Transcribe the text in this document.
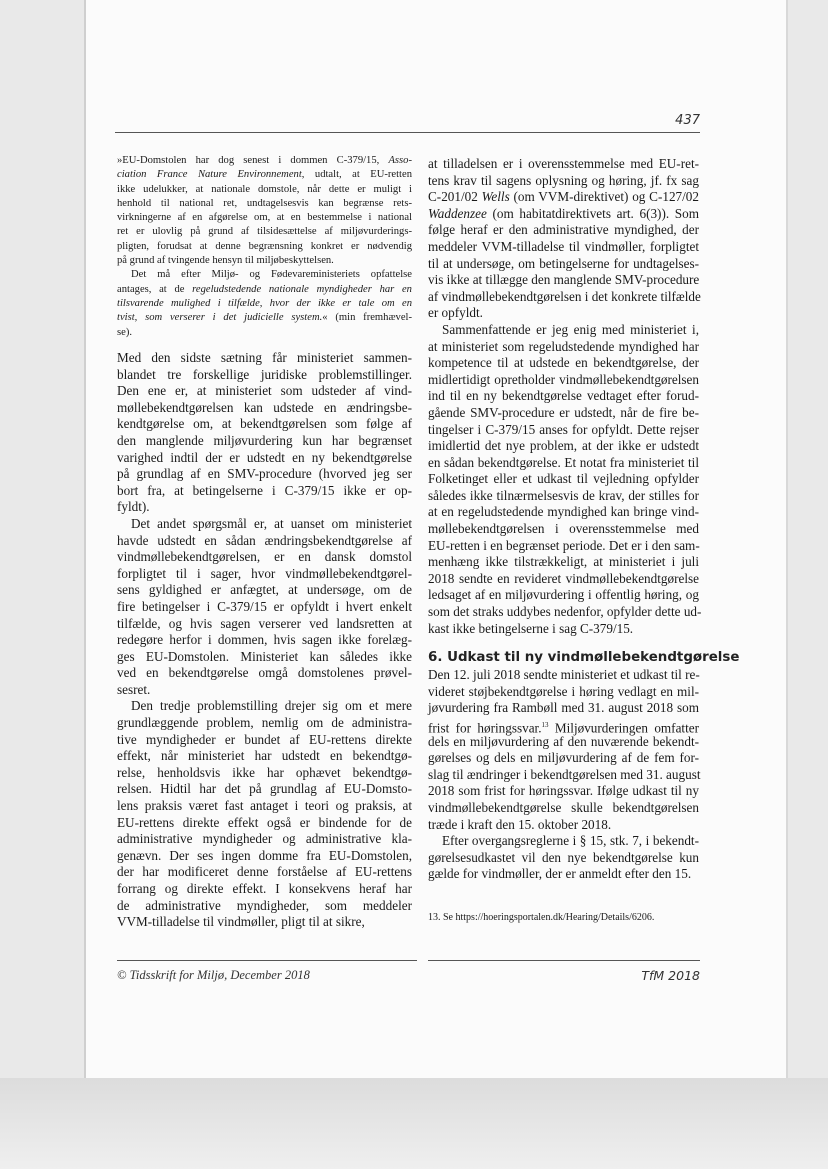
437
»EU-Domstolen har dog senest i dommen C-379/15, Asso-
ciation France Nature Environnement, udtalt, at EU-retten
ikke udelukker, at nationale domstole, når dette er muligt i
henhold til national ret, undtagelsesvis kan begrænse rets-
virkningerne af en afgørelse om, at en bestemmelse i national
ret er ulovlig på grund af tilsidesættelse af miljøvurderings-
pligten, forudsat at denne begrænsning konkret er nødvendig
på grund af tvingende hensyn til miljøbeskyttelsen.
Det må efter Miljø- og Fødevareministeriets opfattelse
antages, at de regeludstedende nationale myndigheder har en
tilsvarende mulighed i tilfælde, hvor der ikke er tale om en
tvist, som verserer i det judicielle system.« (min fremhævel-
se).
Med den sidste sætning får ministeriet sammen-
blandet tre forskellige juridiske problemstillinger.
Den ene er, at ministeriet som udsteder af vind-
møllebekendtgørelsen kan udstede en ændringsbe-
kendtgørelse om, at bekendtgørelsen som følge af
den manglende miljøvurdering kun har begrænset
varighed indtil der er udstedt en ny bekendtgørelse
på grundlag af en SMV-procedure (hvorved jeg ser
bort fra, at betingelserne i C-379/15 ikke er op-
fyldt).
Det andet spørgsmål er, at uanset om ministeriet
havde udstedt en sådan ændringsbekendtgørelse af
vindmøllebekendtgørelsen, er en dansk domstol
forpligtet til i sager, hvor vindmøllebekendtgørel-
sens gyldighed er anfægtet, at undersøge, om de
fire betingelser i C-379/15 er opfyldt i hvert enkelt
tilfælde, og hvis sagen verserer ved landsretten at
redegøre herfor i dommen, hvis sagen ikke forelæg-
ges EU-Domstolen. Ministeriet kan således ikke
ved en bekendtgørelse omgå domstolenes prøvel-
sesret.
Den tredje problemstilling drejer sig om et mere
grundlæggende problem, nemlig om de administra-
tive myndigheder er bundet af EU-rettens direkte
effekt, når ministeriet har udstedt en bekendtgø-
relse, henholdsvis ikke har ophævet bekendtgø-
relsen. Hidtil har det på grundlag af EU-Domsto-
lens praksis været fast antaget i teori og praksis, at
EU-rettens direkte effekt også er bindende for de
administrative myndigheder og administrative kla-
genævn. Der ses ingen domme fra EU-Domstolen,
der har modificeret denne forståelse af EU-rettens
forrang og direkte effekt. I konsekvens heraf har
de administrative myndigheder, som meddeler
VVM-tilladelse til vindmøller, pligt til at sikre,
at tilladelsen er i overensstemmelse med EU-ret-
tens krav til sagens oplysning og høring, jf. fx sag
C-201/02 Wells (om VVM-direktivet) og C-127/02
Waddenzee (om habitatdirektivets art. 6(3)). Som
følge heraf er den administrative myndighed, der
meddeler VVM-tilladelse til vindmøller, forpligtet
til at undersøge, om betingelserne for undtagelses-
vis ikke at tillægge den manglende SMV-procedure
af vindmøllebekendtgørelsen i det konkrete tilfælde
er opfyldt.
Sammenfattende er jeg enig med ministeriet i,
at ministeriet som regeludstedende myndighed har
kompetence til at udstede en bekendtgørelse, der
midlertidigt opretholder vindmøllebekendtgørelsen
ind til en ny bekendtgørelse vedtaget efter forud-
gående SMV-procedure er udstedt, når de fire be-
tingelser i C-379/15 anses for opfyldt. Dette rejser
imidlertid det nye problem, at der ikke er udstedt
en sådan bekendtgørelse. Et notat fra ministeriet til
Folketinget eller et udkast til vejledning opfylder
således ikke tilnærmelsesvis de krav, der stilles for
at en regeludstedende myndighed kan bringe vind-
møllebekendtgørelsen i overensstemmelse med
EU-retten i en begrænset periode. Det er i den sam-
menhæng ikke tilstrækkeligt, at ministeriet i juli
2018 sendte en revideret vindmøllebekendtgørelse
ledsaget af en miljøvurdering i offentlig høring, og
som det straks uddybes nedenfor, opfylder dette ud-
kast ikke betingelserne i sag C-379/15.
6. Udkast til ny vindmøllebekendtgørelse
Den 12. juli 2018 sendte ministeriet et udkast til re-
videret støjbekendtgørelse i høring vedlagt en mil-
jøvurdering fra Rambøll med 31. august 2018 som
frist for høringssvar.$^{13}$ Miljøvurderingen omfatter
dels en miljøvurdering af den nuværende bekendt-
gørelses og dels en miljøvurdering af de fem for-
slag til ændringer i bekendtgørelsen med 31. august
2018 som frist for høringssvar. Ifølge udkast til ny
vindmøllebekendtgørelse skulle bekendtgørelsen
træde i kraft den 15. oktober 2018.
Efter overgangsreglerne i § 15, stk. 7, i bekendt-
gørelsesudkastet vil den nye bekendtgørelse kun
gælde for vindmøller, der er anmeldt efter den 15.
13. Se https://hoeringsportalen.dk/Hearing/Details/6206.
© Tidsskrift for Miljø, December 2018	TfM 2018
